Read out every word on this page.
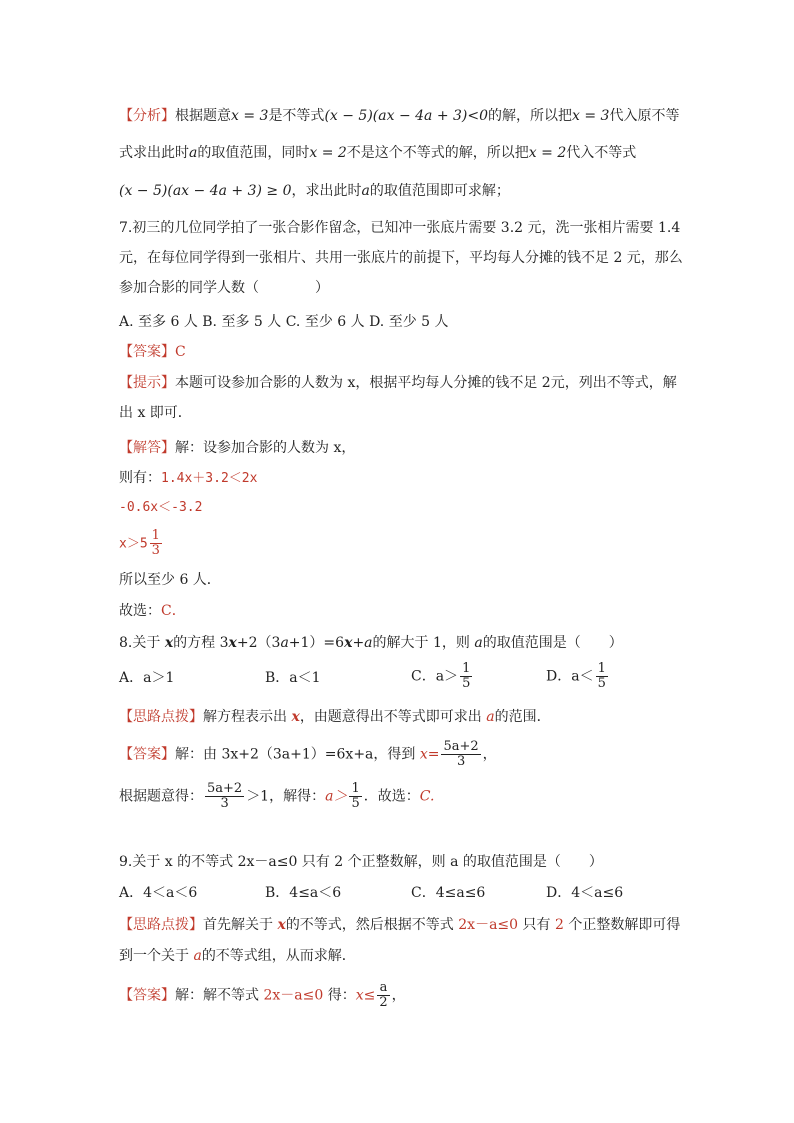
【分析】根据题意x = 3是不等式(x − 5)(ax − 4a + 3)<0的解，所以把x = 3代入原不等
式求出此时a的取值范围，同时x = 2不是这个不等式的解，所以把x = 2代入不等式
(x − 5)(ax − 4a + 3) ≥ 0，求出此时a的取值范围即可求解；
7.初三的几位同学拍了一张合影作留念，已知冲一张底片需要 3.2 元，洗一张相片需要 1.4
元，在每位同学得到一张相片、共用一张底片的前提下，平均每人分摊的钱不足 2 元，那么
参加合影的同学人数（　　　　）
A. 至多 6 人 B. 至多 5 人 C. 至少 6 人 D. 至少 5 人
【答案】C
【提示】本题可设参加合影的人数为 x，根据平均每人分摊的钱不足 2元，列出不等式，解
出 x 即可．
【解答】解：设参加合影的人数为 x，
则有：1.4x＋3.2＜2x
-0.6x＜-3.2
$x>5 \frac{1}{3}$
所以至少 6 人．
故选：C．
8.关于 x的方程 3x+2（3a+1）=6x+a的解大于 1，则 a的取值范围是（　　）
A．a＞1	B．a＜1	C．$a> \frac{1}{5}$	D．$a< \frac{1}{5}$
【思路点拨】解方程表示出 x，由题意得出不等式即可求出 a的范围．
【答案】解：由 3x+2（3a+1）=6x+a，得到 $x= \frac{5a+2}{3}$ ，
根据题意得： $\frac{5a+2}{3} >1$，解得：$a> \frac{1}{5}$ ．故选：C.
9.关于 x 的不等式 2x－a≤0 只有 2 个正整数解，则 a 的取值范围是（　　）
A．4＜a＜6	B．4≤a＜6	C．4≤a≤6	D．4＜a≤6
【思路点拨】首先解关于 x的不等式，然后根据不等式 2x－a≤0 只有 2 个正整数解即可得
到一个关于 a的不等式组，从而求解．
【答案】解：解不等式 2x－a≤0 得：$x\le \frac{a}{2}$ ，
